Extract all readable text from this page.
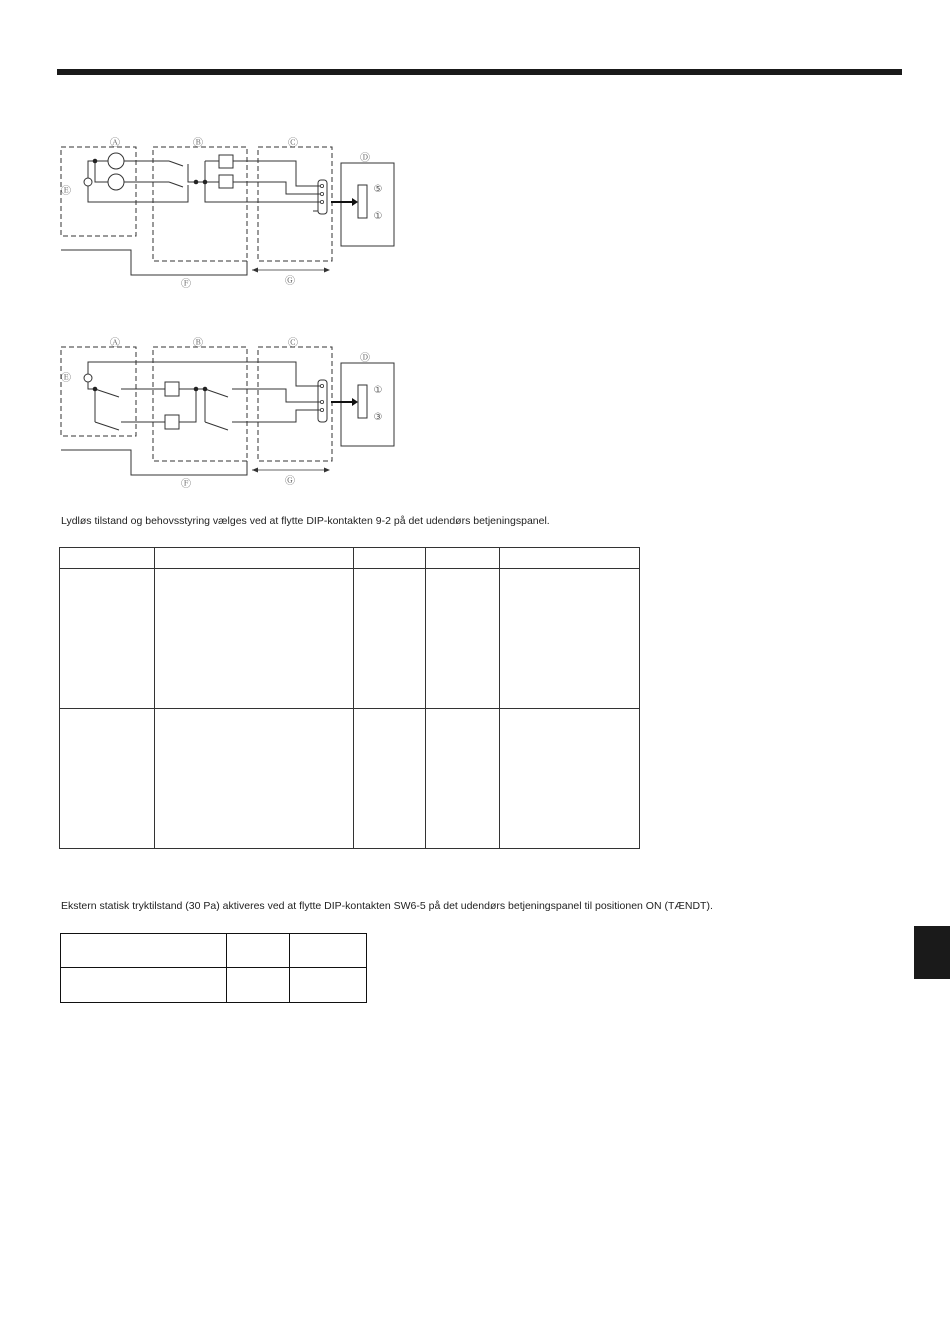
Ⓐ	Ⓑ	Ⓒ
Ⓓ
Ⓔ
Ⓕ	Ⓖ
⑤
①
Ⓐ	Ⓑ	Ⓒ
Ⓓ
Ⓔ
Ⓕ	Ⓖ
①
③
Lydløs tilstand og behovsstyring vælges ved at flytte DIP-kontakten 9-2 på det udendørs betjeningspanel.

Ekstern statisk tryktilstand (30 Pa) aktiveres ved at flytte DIP-kontakten SW6-5 på det udendørs betjeningspanel til positionen ON (TÆNDT).
